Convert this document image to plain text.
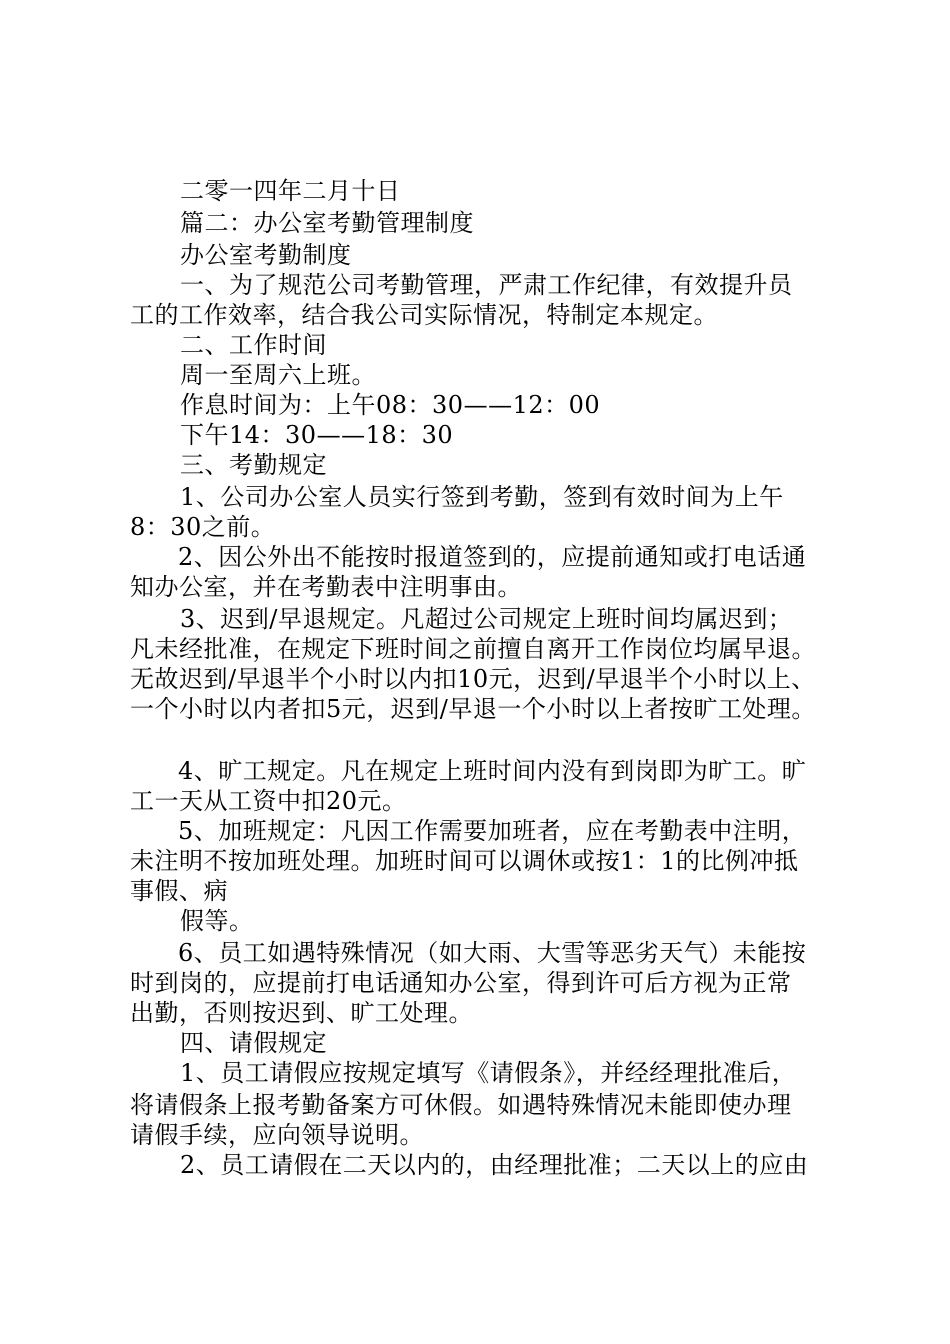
二零一四年二月十日
篇二：办公室考勤管理制度
办公室考勤制度
一、为了规范公司考勤管理，严肃工作纪律，有效提升员
工的工作效率，结合我公司实际情况，特制定本规定。
二、工作时间
周一至周六上班。
作息时间为：上午08：30——12：00
下午14：30——18：30
三、考勤规定
1、公司办公室人员实行签到考勤，签到有效时间为上午
8：30之前。
2、因公外出不能按时报道签到的，应提前通知或打电话通
知办公室，并在考勤表中注明事由。
3、迟到/早退规定。凡超过公司规定上班时间均属迟到；
凡未经批准，在规定下班时间之前擅自离开工作岗位均属早退。
无故迟到/早退半个小时以内扣10元，迟到/早退半个小时以上、
一个小时以内者扣5元，迟到/早退一个小时以上者按旷工处理。
4、旷工规定。凡在规定上班时间内没有到岗即为旷工。旷
工一天从工资中扣20元。
5、加班规定：凡因工作需要加班者，应在考勤表中注明，
未注明不按加班处理。加班时间可以调休或按1：1的比例冲抵
事假、病
假等。
6、员工如遇特殊情况（如大雨、大雪等恶劣天气）未能按
时到岗的，应提前打电话通知办公室，得到许可后方视为正常
出勤，否则按迟到、旷工处理。
四、请假规定
1、员工请假应按规定填写《请假条》，并经经理批准后，
将请假条上报考勤备案方可休假。如遇特殊情况未能即使办理
请假手续，应向领导说明。
2、员工请假在二天以内的，由经理批准；二天以上的应由
